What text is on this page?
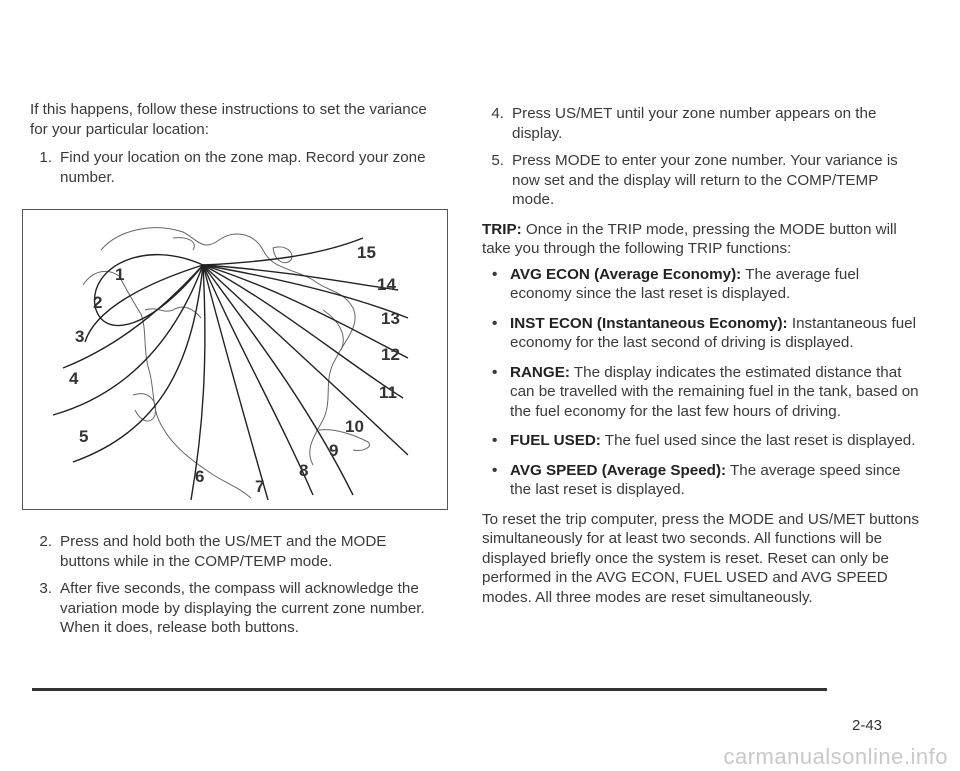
If this happens, follow these instructions to set the variance for your particular location:

1. Find your location on the zone map. Record your zone number.
1
2
3
4
5
6
7
8
9
10
11
12
13
14
15
2. Press and hold both the US/MET and the MODE buttons while in the COMP/TEMP mode.
3. After five seconds, the compass will acknowledge the variation mode by displaying the current zone number. When it does, release both buttons.
4. Press US/MET until your zone number appears on the display.
5. Press MODE to enter your zone number. Your variance is now set and the display will return to the COMP/TEMP mode.

TRIP: Once in the TRIP mode, pressing the MODE button will take you through the following TRIP functions:

• AVG ECON (Average Economy): The average fuel economy since the last reset is displayed.
• INST ECON (Instantaneous Economy): Instantaneous fuel economy for the last second of driving is displayed.
• RANGE: The display indicates the estimated distance that can be travelled with the remaining fuel in the tank, based on the fuel economy for the last few hours of driving.
• FUEL USED: The fuel used since the last reset is displayed.
• AVG SPEED (Average Speed): The average speed since the last reset is displayed.

To reset the trip computer, press the MODE and US/MET buttons simultaneously for at least two seconds. All functions will be displayed briefly once the system is reset. Reset can only be performed in the AVG ECON, FUEL USED and AVG SPEED modes. All three modes are reset simultaneously.

2-43
carmanualsonline.info
